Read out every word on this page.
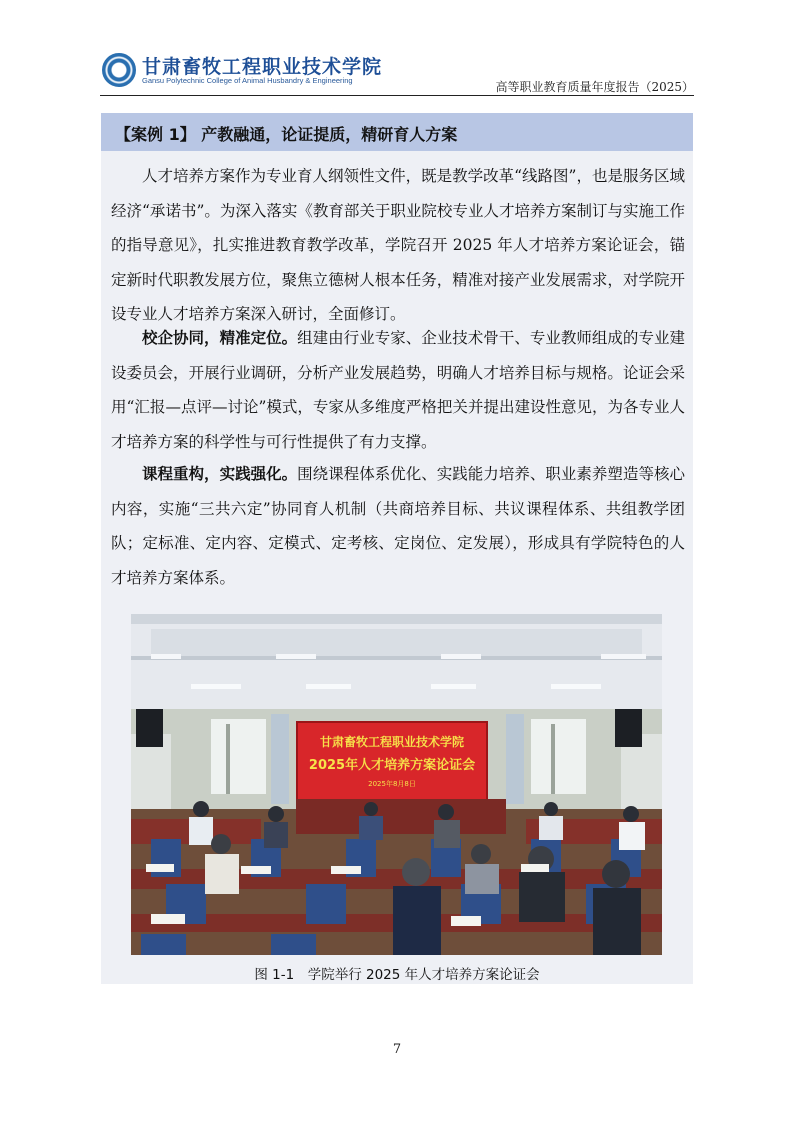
甘肃畜牧工程职业技术学院
Gansu Polytechnic College of Animal Husbandry & Engineering	高等职业教育质量年度报告（2025）
【案例 1】 产教融通，论证提质，精研育人方案

人才培养方案作为专业育人纲领性文件，既是教学改革“线路图”，也是服务区域经济“承诺书”。为深入落实《教育部关于职业院校专业人才培养方案制订与实施工作的指导意见》，扎实推进教育教学改革，学院召开 2025 年人才培养方案论证会，锚定新时代职教发展方位，聚焦立德树人根本任务，精准对接产业发展需求，对学院开设专业人才培养方案深入研讨，全面修订。

校企协同，精准定位。组建由行业专家、企业技术骨干、专业教师组成的专业建设委员会，开展行业调研，分析产业发展趋势，明确人才培养目标与规格。论证会采用“汇报—点评—讨论”模式，专家从多维度严格把关并提出建设性意见，为各专业人才培养方案的科学性与可行性提供了有力支撑。

课程重构，实践强化。围绕课程体系优化、实践能力培养、职业素养塑造等核心内容，实施“三共六定”协同育人机制（共商培养目标、共议课程体系、共组教学团队；定标准、定内容、定模式、定考核、定岗位、定发展），形成具有学院特色的人才培养方案体系。

甘肃畜牧工程职业技术学院
2025年人才培养方案论证会
2025年8月8日
图 1-1　学院举行 2025 年人才培养方案论证会
7
